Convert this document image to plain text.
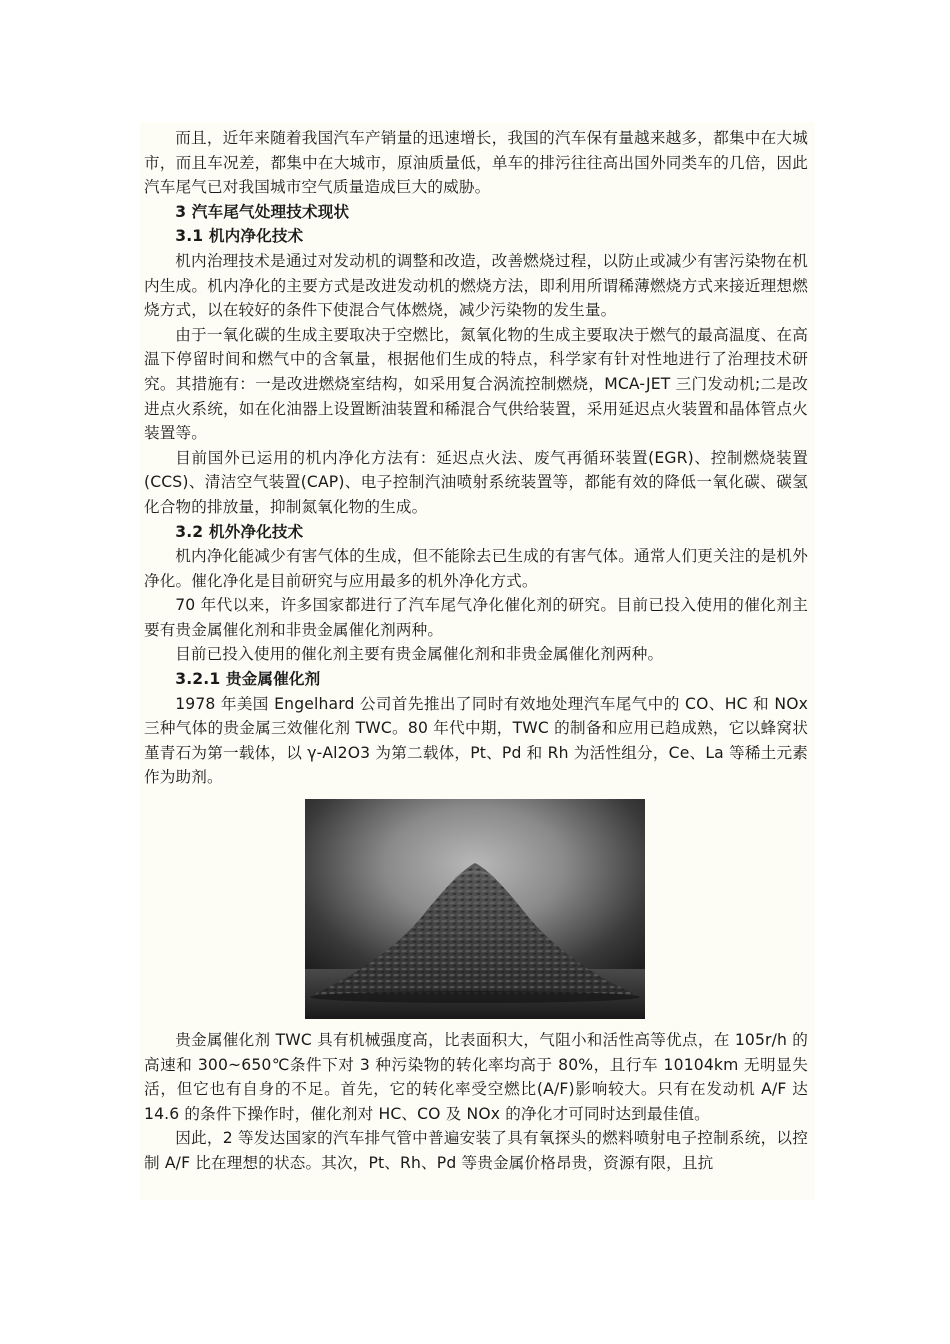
而且，近年来随着我国汽车产销量的迅速增长，我国的汽车保有量越来越多，都集中在大城市，而且车况差，都集中在大城市，原油质量低，单车的排污往往高出国外同类车的几倍，因此汽车尾气已对我国城市空气质量造成巨大的威胁。

3 汽车尾气处理技术现状

3.1 机内净化技术

机内治理技术是通过对发动机的调整和改造，改善燃烧过程，以防止或减少有害污染物在机内生成。机内净化的主要方式是改进发动机的燃烧方法，即利用所谓稀薄燃烧方式来接近理想燃烧方式，以在较好的条件下使混合气体燃烧，减少污染物的发生量。

由于一氧化碳的生成主要取决于空燃比，氮氧化物的生成主要取决于燃气的最高温度、在高温下停留时间和燃气中的含氧量，根据他们生成的特点，科学家有针对性地进行了治理技术研究。其措施有：一是改进燃烧室结构，如采用复合涡流控制燃烧，MCA-JET 三门发动机;二是改进点火系统，如在化油器上设置断油装置和稀混合气供给装置，采用延迟点火装置和晶体管点火装置等。

目前国外已运用的机内净化方法有：延迟点火法、废气再循环装置(EGR)、控制燃烧装置(CCS)、清洁空气装置(CAP)、电子控制汽油喷射系统装置等，都能有效的降低一氧化碳、碳氢化合物的排放量，抑制氮氧化物的生成。

3.2 机外净化技术

机内净化能减少有害气体的生成，但不能除去已生成的有害气体。通常人们更关注的是机外净化。催化净化是目前研究与应用最多的机外净化方式。

70 年代以来，许多国家都进行了汽车尾气净化催化剂的研究。目前已投入使用的催化剂主要有贵金属催化剂和非贵金属催化剂两种。

目前已投入使用的催化剂主要有贵金属催化剂和非贵金属催化剂两种。

3.2.1 贵金属催化剂

1978 年美国 Engelhard 公司首先推出了同时有效地处理汽车尾气中的 CO、HC 和 NOx 三种气体的贵金属三效催化剂 TWC。80 年代中期，TWC 的制备和应用已趋成熟，它以蜂窝状堇青石为第一载体，以 γ-Al2O3 为第二载体，Pt、Pd 和 Rh 为活性组分，Ce、La 等稀土元素作为助剂。

贵金属催化剂 TWC 具有机械强度高，比表面积大，气阻小和活性高等优点，在 105r/h 的高速和 300~650℃条件下对 3 种污染物的转化率均高于 80%，且行车 10104km 无明显失活，但它也有自身的不足。首先，它的转化率受空燃比(A/F)影响较大。只有在发动机 A/F 达 14.6 的条件下操作时，催化剂对 HC、CO 及 NOx 的净化才可同时达到最佳值。

因此，2 等发达国家的汽车排气管中普遍安装了具有氧探头的燃料喷射电子控制系统，以控制 A/F 比在理想的状态。其次，Pt、Rh、Pd 等贵金属价格昂贵，资源有限，且抗
